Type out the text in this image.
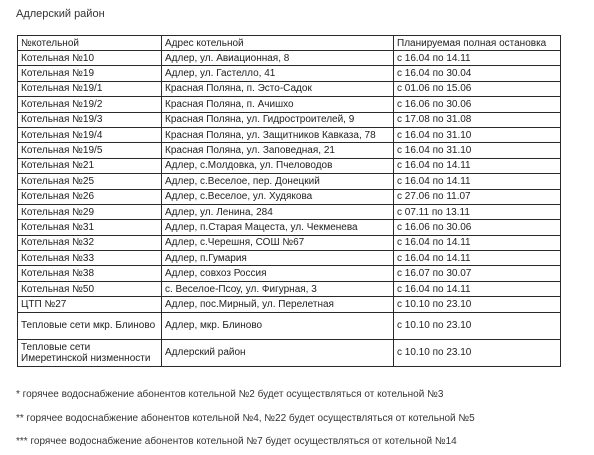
Адлерский район
№котельной	Адрес котельной	Планируемая полная остановка
Котельная №10	Адлер, ул. Авиационная, 8	с 16.04 по 14.11
Котельная №19	Адлер, ул. Гастелло, 41	с 16.04 по 30.04
Котельная №19/1	Красная Поляна, п. Эсто-Садок	с 01.06 по 15.06
Котельная №19/2	Красная Поляна, п. Ачишхо	с 16.06 по 30.06
Котельная №19/3	Красная Поляна, ул. Гидростроителей, 9	с 17.08 по 31.08
Котельная №19/4	Красная Поляна, ул. Защитников Кавказа, 78	с 16.04 по 31.10
Котельная №19/5	Красная Поляна, ул. Заповедная, 21	с 16.04 по 31.10
Котельная №21	Адлер, с.Молдовка, ул. Пчеловодов	с 16.04 по 14.11
Котельная №25	Адлер, с.Веселое, пер. Донецкий	с 16.04 по 14.11
Котельная №26	Адлер, с.Веселое, ул. Худякова	с 27.06 по 11.07
Котельная №29	Адлер, ул. Ленина, 284	с 07.11 по 13.11
Котельная №31	Адлер, п.Старая Мацеста, ул. Чекменева	с 16.06 по 30.06
Котельная №32	Адлер, с.Черешня, СОШ №67	с 16.04 по 14.11
Котельная №33	Адлер, п.Гумария	с 16.04 по 14.11
Котельная №38	Адлер, совхоз Россия	с 16.07 по 30.07
Котельная №50	с. Веселое-Псоу, ул. Фигурная, 3	с 16.04 по 14.11
ЦТП №27	Адлер, пос.Мирный, ул. Перелетная	с 10.10 по 23.10
Тепловые сети мкр. Блиново	Адлер, мкр. Блиново	с 10.10 по 23.10
Тепловые сети Имеретинской низменности	Адлерский район	с 10.10 по 23.10
* горячее водоснабжение абонентов котельной №2 будет осуществляться от котельной №3
** горячее водоснабжение абонентов котельной №4, №22 будет осуществляться от котельной №5
*** горячее водоснабжение абонентов котельной №7 будет осуществляться от котельной №14
